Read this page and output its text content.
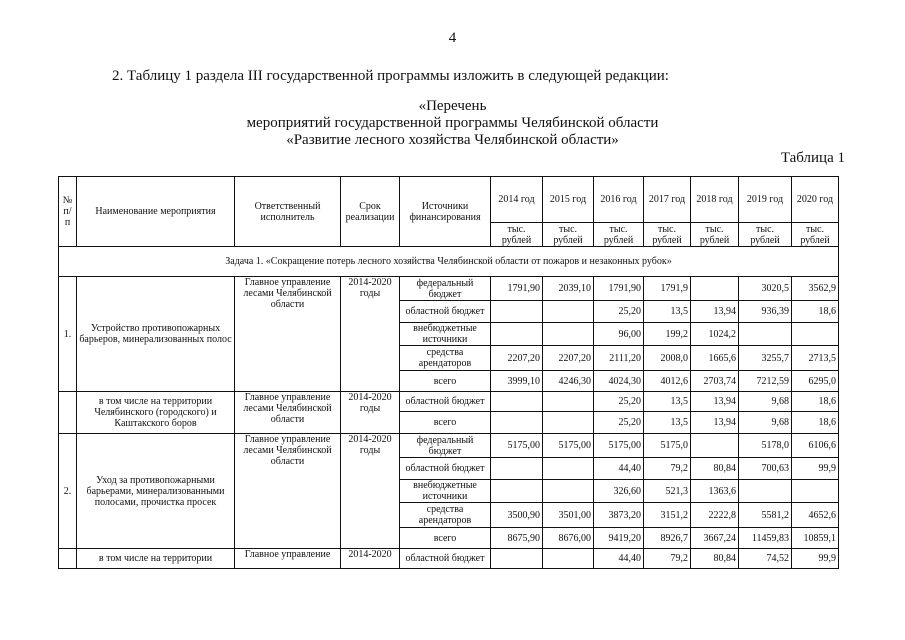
4
2. Таблицу 1 раздела III государственной программы изложить в следующей редакции:
«Перечень
мероприятий государственной программы Челябинской области
«Развитие лесного хозяйства Челябинской области»
Таблица 1
№ п/п	Наименование мероприятия	Ответственный исполнитель	Срок реализации	Источники финансирования	2014 год	2015 год	2016 год	2017 год	2018 год	2019 год	2020 год
					тыс. рублей	тыс. рублей	тыс. рублей	тыс. рублей	тыс. рублей	тыс. рублей	тыс. рублей
Задача 1. «Сокращение потерь лесного хозяйства Челябинской области от пожаров и незаконных рубок»											
1.	Устройство противопожарных барьеров, минерализованных полос	Главное управление лесами Челябинской области	2014-2020 годы	федеральный бюджет	1791,90	2039,10	1791,90	1791,9		3020,5	3562,9
				областной бюджет			25,20	13,5	13,94	936,39	18,6
				внебюджетные источники			96,00	199,2	1024,2		
				средства арендаторов	2207,20	2207,20	2111,20	2008,0	1665,6	3255,7	2713,5
				всего	3999,10	4246,30	4024,30	4012,6	2703,74	7212,59	6295,0
	в том числе на территории Челябинского (городского) и Каштакского боров	Главное управление лесами Челябинской области	2014-2020 годы	областной бюджет			25,20	13,5	13,94	9,68	18,6
				всего			25,20	13,5	13,94	9,68	18,6
2.	Уход за противопожарными барьерами, минерализованными полосами, прочистка просек	Главное управление лесами Челябинской области	2014-2020 годы	федеральный бюджет	5175,00	5175,00	5175,00	5175,0		5178,0	6106,6
				областной бюджет			44,40	79,2	80,84	700,63	99,9
				внебюджетные источники			326,60	521,3	1363,6		
				средства арендаторов	3500,90	3501,00	3873,20	3151,2	2222,8	5581,2	4652,6
				всего	8675,90	8676,00	9419,20	8926,7	3667,24	11459,83	10859,1
	в том числе на территории	Главное управление	2014-2020	областной бюджет			44,40	79,2	80,84	74,52	99,9
